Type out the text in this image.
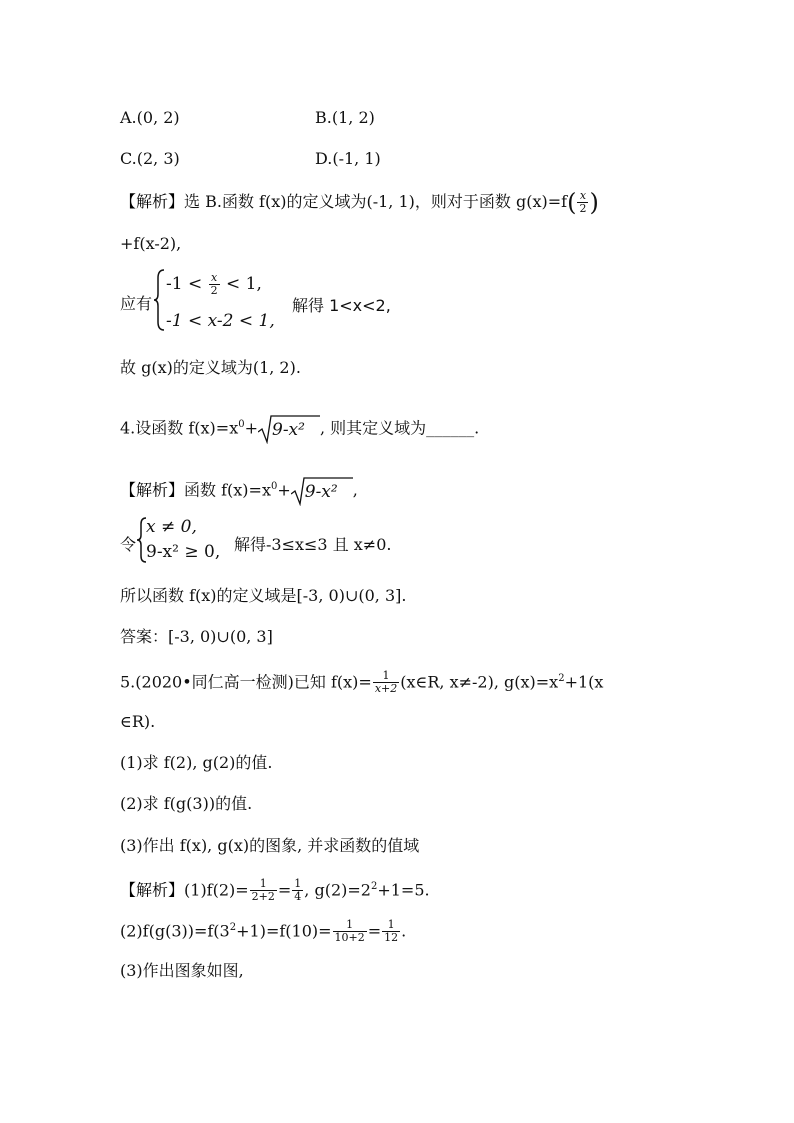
A.(0, 2)	B.(1, 2)
C.(2, 3)	D.(-1, 1)
【解析】选 B.函数 f(x)的定义域为(-1, 1)，则对于函数 $g(x)=f( \frac{x}{2}$ )
+f(x-2),
应有
$-1 < \frac{x}{2} < 1$,
-1 < x-2 < 1,
解得 1<x<2,
故 g(x)的定义域为(1, 2).
4.设函数 $f(x)=x^0+ 9-x^2$ , 则其定义域为______.
【解析】函数 $f(x)=x^0+ 9-x^2$ ,
令
x ≠ 0,
9-x² ≥ 0, 解得-3≤x≤3 且 x≠0.
所以函数 f(x)的定义域是[-3, 0)∪(0, 3].
答案：[-3, 0)∪(0, 3]
5.(2020•同仁高一检测)已知 $f(x)= \frac{1}{x+2}$ (x∈R, x≠-2), $g(x)=x^2+1(x$
∈R).
(1)求 f(2), g(2)的值.
(2)求 f(g(3))的值.
(3)作出 f(x), g(x)的图象, 并求函数的值域
【解析】$(1)f(2)= \frac{1}{2+2} = \frac{1}{4}$ , $g(2)=2^2+1=5$.
$(2)f(g(3))=f(3^2+1)=f(10)= \frac{1}{10+2} = \frac{1}{12}$ .
(3)作出图象如图,
